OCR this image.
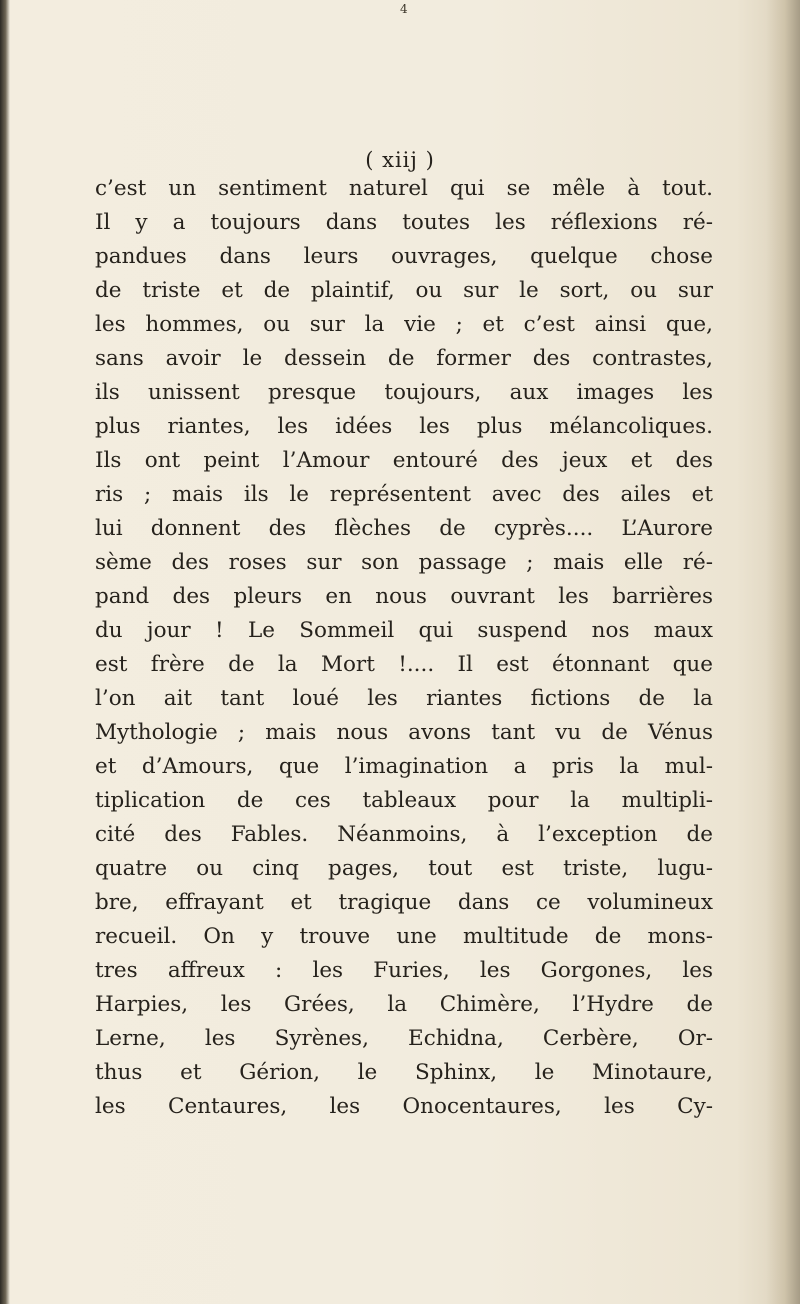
4
( xiij )
c’est un sentiment naturel qui se mêle à tout.
Il y a toujours dans toutes les réflexions ré-
pandues dans leurs ouvrages, quelque chose
de triste et de plaintif, ou sur le sort, ou sur
les hommes, ou sur la vie ; et c’est ainsi que,
sans avoir le dessein de former des contrastes,
ils unissent presque toujours, aux images les
plus riantes, les idées les plus mélancoliques.
Ils ont peint l’Amour entouré des jeux et des
ris ; mais ils le représentent avec des ailes et
lui donnent des flèches de cyprès.... L’Aurore
sème des roses sur son passage ; mais elle ré-
pand des pleurs en nous ouvrant les barrières
du jour ! Le Sommeil qui suspend nos maux
est frère de la Mort !.... Il est étonnant que
l’on ait tant loué les riantes fictions de la
Mythologie ; mais nous avons tant vu de Vénus
et d’Amours, que l’imagination a pris la mul-
tiplication de ces tableaux pour la multipli-
cité des Fables. Néanmoins, à l’exception de
quatre ou cinq pages, tout est triste, lugu-
bre, effrayant et tragique dans ce volumineux
recueil. On y trouve une multitude de mons-
tres affreux : les Furies, les Gorgones, les
Harpies, les Grées, la Chimère, l’Hydre de
Lerne, les Syrènes, Echidna, Cerbère, Or-
thus et Gérion, le Sphinx, le Minotaure,
les Centaures, les Onocentaures, les Cy-
